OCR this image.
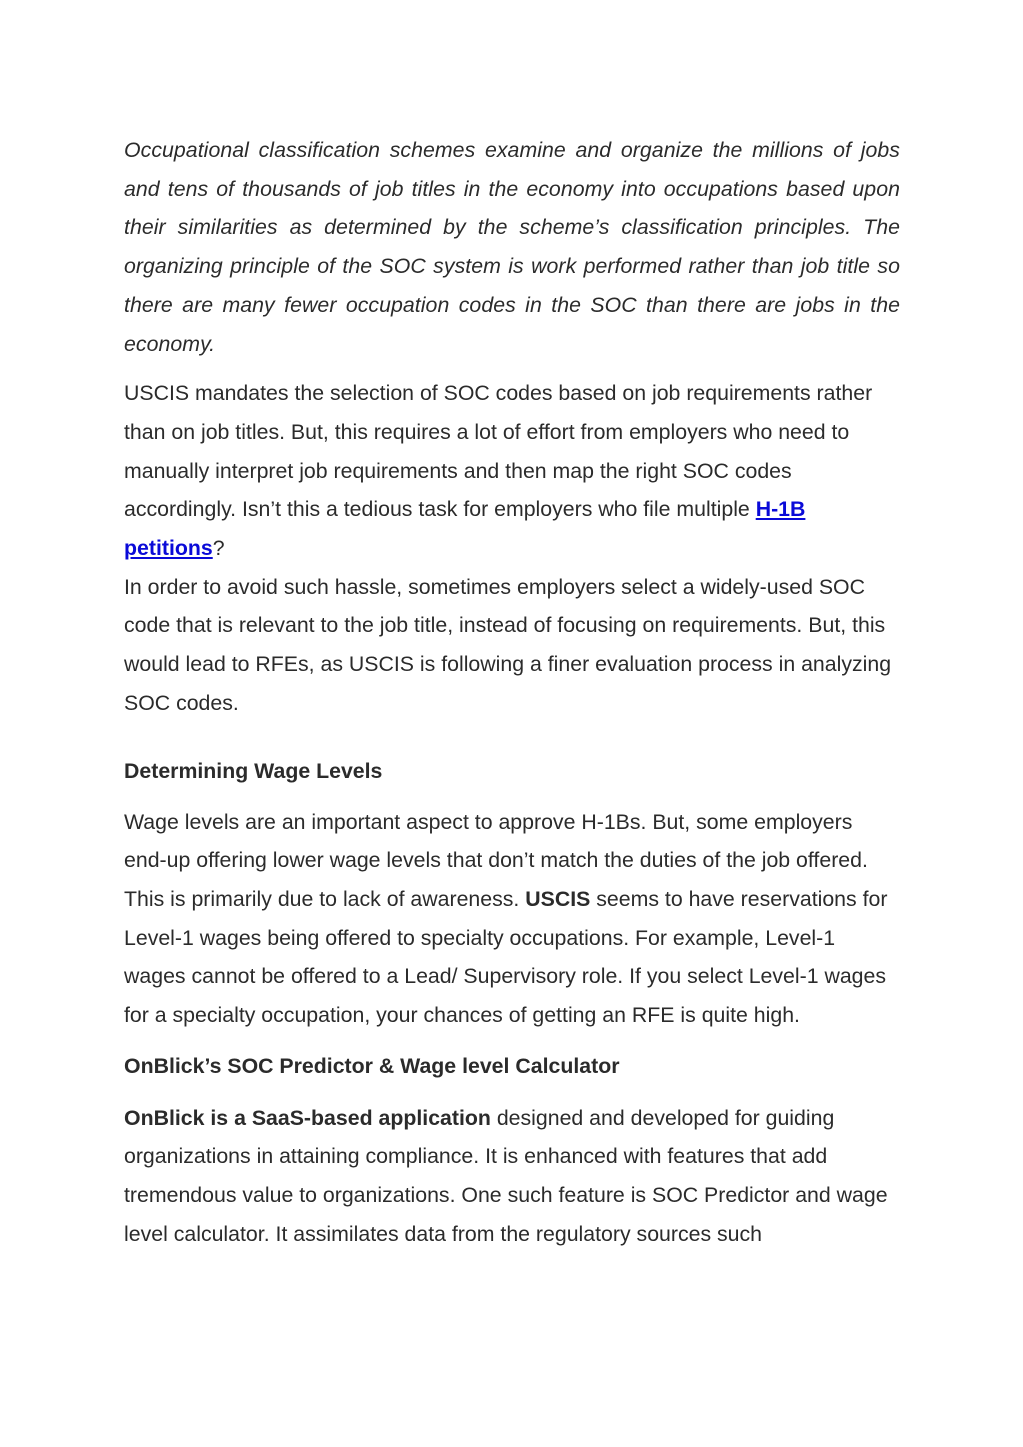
Occupational classification schemes examine and organize the millions of jobs and tens of thousands of job titles in the economy into occupations based upon their similarities as determined by the scheme’s classification principles. The organizing principle of the SOC system is work performed rather than job title so there are many fewer occupation codes in the SOC than there are jobs in the economy.

USCIS mandates the selection of SOC codes based on job requirements rather than on job titles. But, this requires a lot of effort from employers who need to manually interpret job requirements and then map the right SOC codes accordingly. Isn’t this a tedious task for employers who file multiple H-1B petitions?

In order to avoid such hassle, sometimes employers select a widely-used SOC code that is relevant to the job title, instead of focusing on requirements. But, this would lead to RFEs, as USCIS is following a finer evaluation process in analyzing SOC codes.

Determining Wage Levels

Wage levels are an important aspect to approve H-1Bs. But, some employers end-up offering lower wage levels that don’t match the duties of the job offered. This is primarily due to lack of awareness. USCIS seems to have reservations for Level-1 wages being offered to specialty occupations. For example, Level-1 wages cannot be offered to a Lead/ Supervisory role. If you select Level-1 wages for a specialty occupation, your chances of getting an RFE is quite high.

OnBlick’s SOC Predictor & Wage level Calculator

OnBlick is a SaaS-based application designed and developed for guiding organizations in attaining compliance. It is enhanced with features that add tremendous value to organizations. One such feature is SOC Predictor and wage level calculator. It assimilates data from the regulatory sources such
